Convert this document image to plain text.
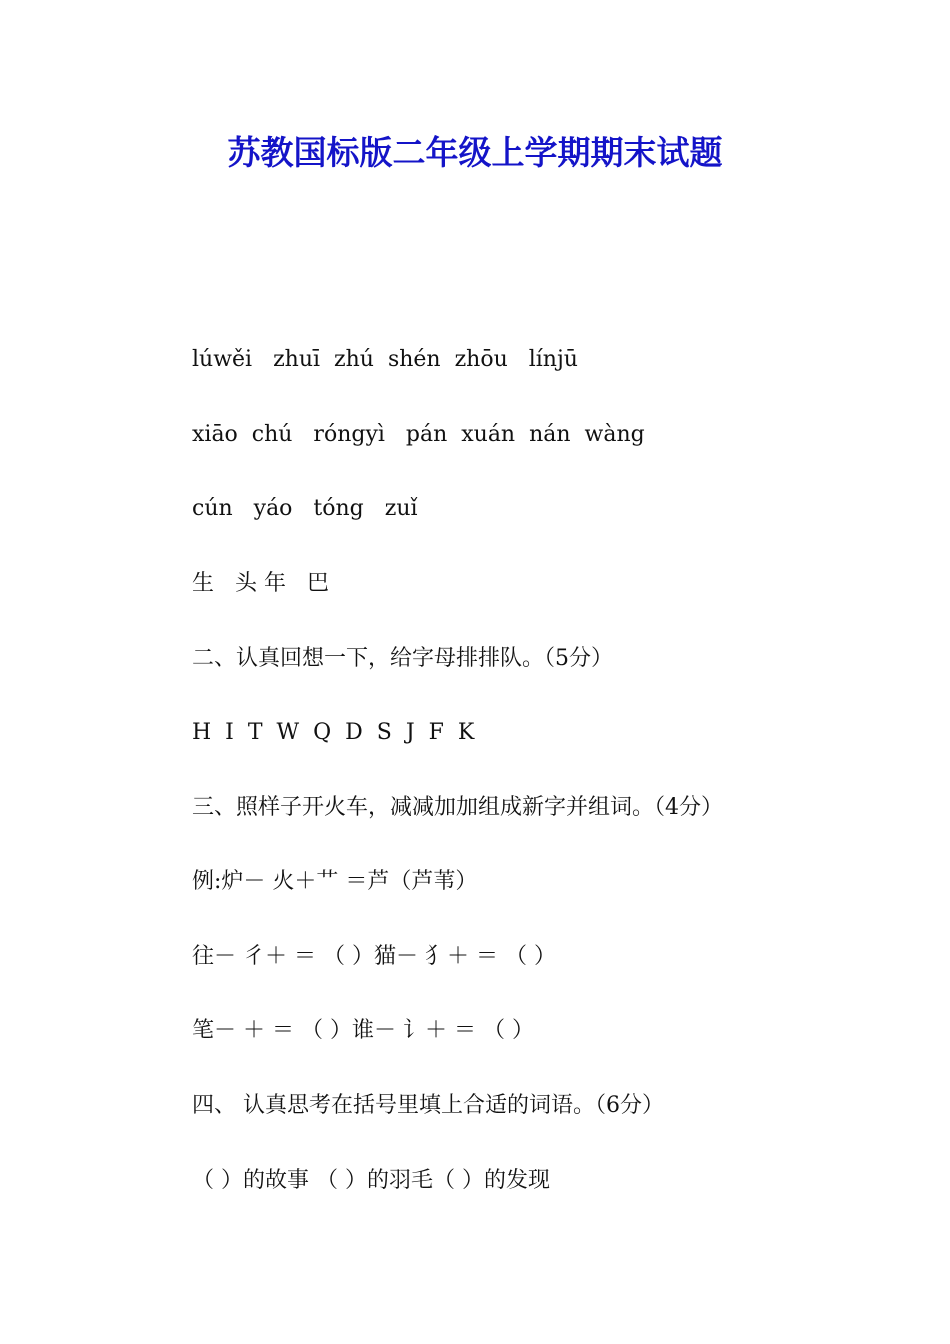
苏教国标版二年级上学期期末试题
lúwěi   zhuī  zhú  shén  zhōu   línjū
xiāo  chú   róngyì   pán  xuán  nán  wàng
cún   yáo   tóng   zuǐ
生   头 年   巴
二、认真回想一下，给字母排排队。（5分）
H  I  T  W  Q  D  S  J  F  K
三、照样子开火车，减减加加组成新字并组词。（4分）
例:炉－ 火＋艹 ＝芦（芦苇）
往－ 彳＋ ＝ （ ）猫－ 犭＋ ＝ （ ）
笔－ ＋ ＝ （ ）谁－ 讠＋ ＝ （ ）
四、 认真思考在括号里填上合适的词语。（6分）
（ ）的故事 （ ）的羽毛（ ）的发现
